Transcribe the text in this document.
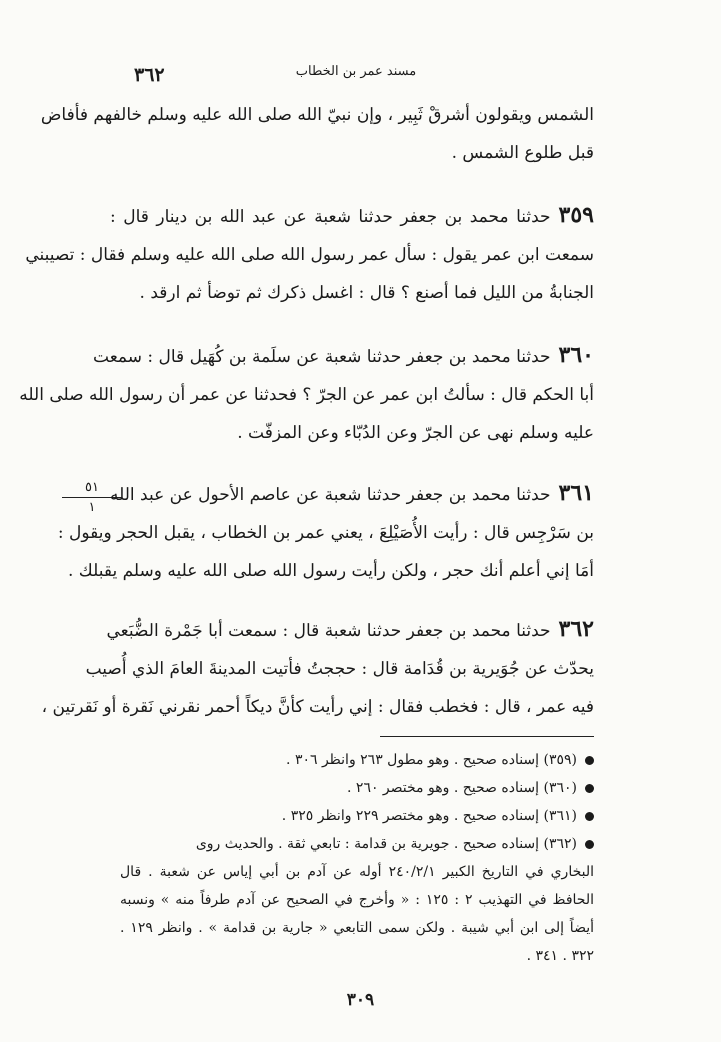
٣٦٢	مسند عمر بن الخطاب
الشمس ويقولون أشرقْ ثَبِير ، وإن نبيّ الله صلى الله عليه وسلم خالفهم فأفاض
قبل طلوع الشمس .
٣٥٩حدثنا محمد بن جعفر حدثنا شعبة عن عبد الله بن دينار قال :
سمعت ابن عمر يقول : سأل عمر رسول الله صلى الله عليه وسلم فقال : تصيبني
الجنابةُ من الليل فما أصنع ؟ قال : اغسل ذكرك ثم توضأ ثم ارقد .
٣٦٠حدثنا محمد بن جعفر حدثنا شعبة عن سلَمة بن كُهَيل قال : سمعت
أبا الحكم قال : سألتُ ابن عمر عن الجرّ ؟ فحدثنا عن عمر أن رسول الله صلى الله
عليه وسلم نهى عن الجرّ وعن الدُبّاء وعن المزفّت .
٥١
١
٣٦١حدثنا محمد بن جعفر حدثنا شعبة عن عاصم الأحول عن عبد الله
بن سَرْجِس قال : رأيت الأُصَيْلِعَ ، يعني عمر بن الخطاب ، يقبل الحجر ويقول :
أمَا إني أعلم أنك حجر ، ولكن رأيت رسول الله صلى الله عليه وسلم يقبلك .
٣٦٢حدثنا محمد بن جعفر حدثنا شعبة قال : سمعت أبا جَمْرة الضُّبَعي
يحدّث عن جُوَيرية بن قُدَامة قال : حججتُ فأتيت المدينةَ العامَ الذي أُصيب
فيه عمر ، قال : فخطب فقال : إني رأيت كأنَّ ديكاً أحمر نقرني نَقرة أو نَقرتين ،
(٣٥٩) إسناده صحيح . وهو مطول ٢٦٣ وانظر ٣٠٦ .
(٣٦٠) إسناده صحيح . وهو مختصر ٢٦٠ .
(٣٦١) إسناده صحيح . وهو مختصر ٢٢٩ وانظر ٣٢٥ .
(٣٦٢) إسناده صحيح . جويرية بن قدامة : تابعي ثقة . والحديث روى
البخاري في التاريخ الكبير ٢٤٠/٢/١ أوله عن آدم بن أبي إياس عن شعبة . قال
الحافظ في التهذيب ٢ : ١٢٥ : « وأخرج في الصحيح عن آدم طرفاً منه » ونسبه
أيضاً إلى ابن أبي شيبة . ولكن سمى التابعي « جارية بن قدامة » . وانظر ١٢٩ .
٣٢٢ . ٣٤١ .
٣٠٩
